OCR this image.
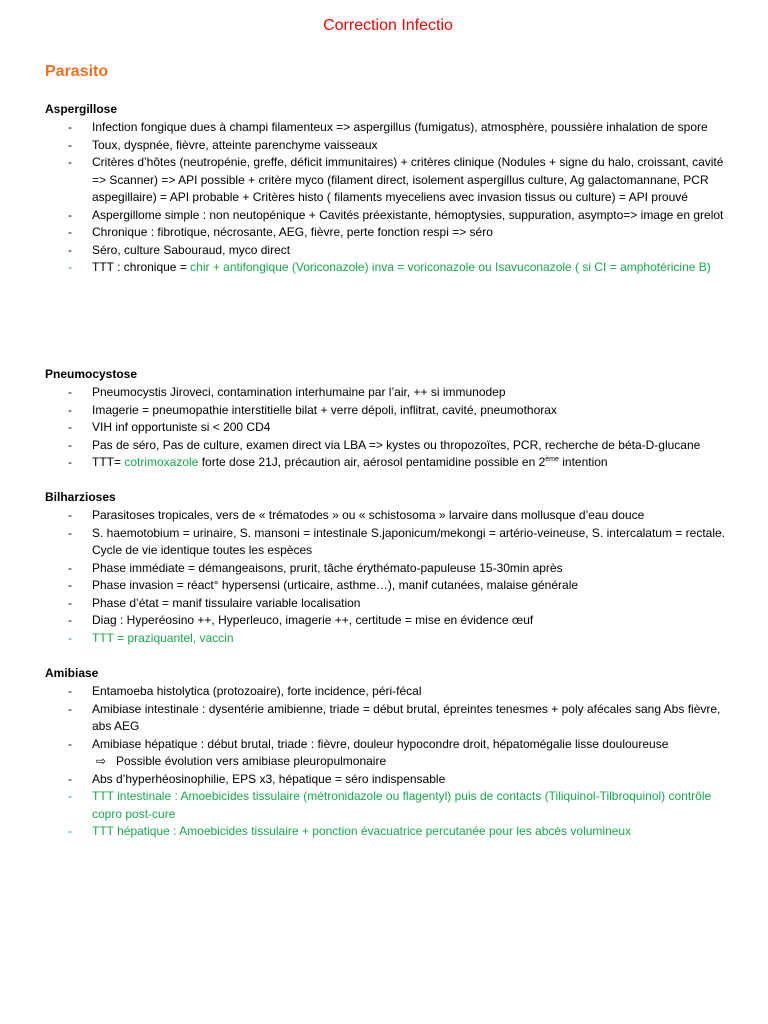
Correction Infectio
Parasito
Aspergillose
- Infection fongique dues à champi filamenteux => aspergillus (fumigatus), atmosphère, poussière inhalation de spore
- Toux, dyspnée, fièvre, atteinte parenchyme vaisseaux
- Critères d’hôtes (neutropénie, greffe, déficit immunitaires) + critères clinique (Nodules + signe du halo, croissant, cavité => Scanner) => API possible + critère myco (filament direct, isolement aspergillus culture, Ag galactomannane, PCR aspegillaire) = API probable + Critères histo ( filaments myeceliens avec invasion tissus ou culture) = API prouvé
- Aspergillome simple : non neutopénique + Cavités préexistante, hémoptysies, suppuration, asympto=> image en grelot
- Chronique : fibrotique, nécrosante, AEG, fièvre, perte fonction respi => séro
- Séro, culture Sabouraud, myco direct
- TTT : chronique = chir + antifongique (Voriconazole) inva = voriconazole ou Isavuconazole ( si CI = amphotéricine B)
Pneumocystose
- Pneumocystis Jiroveci, contamination interhumaine par l’air, ++ si immunodep
- Imagerie = pneumopathie interstitielle bilat + verre dépoli, inflitrat, cavité, pneumothorax
- VIH inf opportuniste si < 200 CD4
- Pas de séro, Pas de culture, examen direct via LBA => kystes ou thropozoïtes, PCR, recherche de béta-D-glucane
- TTT= cotrimoxazole forte dose 21J, précaution air, aérosol pentamidine possible en 2ème intention
Bilharzioses
- Parasitoses tropicales, vers de « trématodes » ou « schistosoma » larvaire dans mollusque d’eau douce
- S. haemotobium = urinaire, S. mansoni = intestinale S.japonicum/mekongi = artério-veineuse, S. intercalatum = rectale. Cycle de vie identique toutes les espèces
- Phase immédiate = démangeaisons, prurit, tâche érythémato-papuleuse 15-30min après
- Phase invasion = réact° hypersensi (urticaire, asthme…), manif cutanées, malaise générale
- Phase d’état = manif tissulaire variable localisation
- Diag : Hyperéosino ++, Hyperleuco, imagerie ++, certitude = mise en évidence œuf
- TTT = praziquantel, vaccin
Amibiase
- Entamoeba histolytica (protozoaire), forte incidence, péri-fécal
- Amibiase intestinale : dysentérie amibienne, triade = début brutal, épreintes tenesmes + poly afécales sang Abs fièvre, abs AEG
- Amibiase hépatique : début brutal, triade : fièvre, douleur hypocondre droit, hépatomégalie lisse douloureuse
⇨ Possible évolution vers amibiase pleuropulmonaire
- Abs d’hyperhéosinophilie, EPS x3, hépatique = séro indispensable
- TTT intestinale : Amoebicides tissulaire (métronidazole ou flagentyl) puis de contacts (Tiliquinol-Tilbroquinol) contrôle copro post-cure
- TTT hépatique : Amoebicides tissulaire + ponction évacuatrice percutanée pour les abcès volumineux
